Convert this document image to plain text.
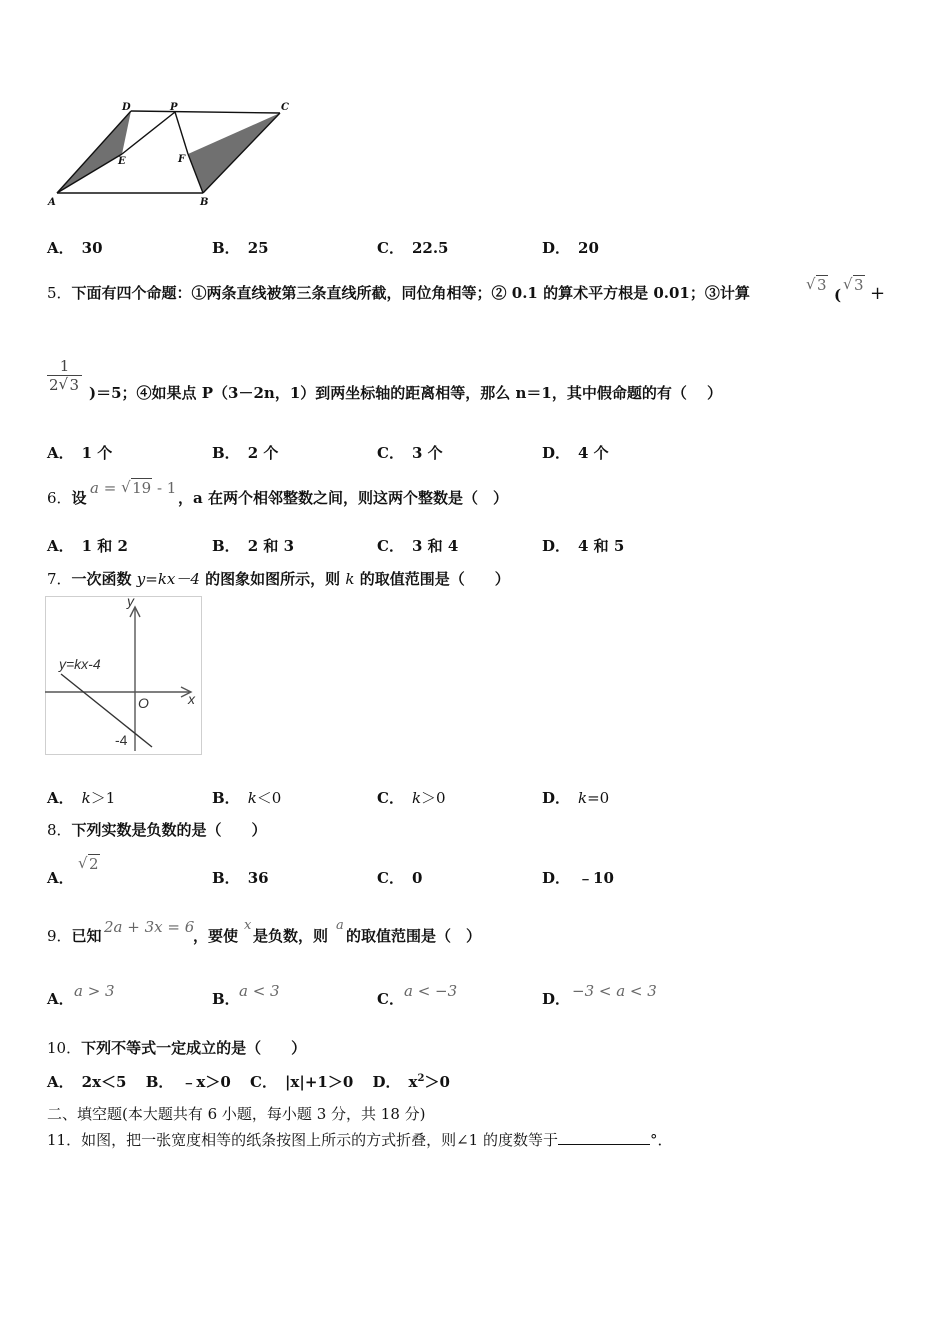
A	B
C
D	P
E	F
A． 30	B． 25	C． 22.5	D． 20
5．下面有四个命题：①两条直线被第三条直线所截，同位角相等；② 0.1 的算术平方根是 0.01；③计算	√ 3
(
√ 3 +
$\frac{1}{2 √ 3} )=5$；④如果点 P（3－2n，1）到两坐标轴的距离相等，那么 n＝1，其中假命题的有（　 ）
A． 1 个	B． 2 个	C． 3 个	D． 4 个
6．设
a = √ 19 - 1
，a 在两个相邻整数之间，则这两个整数是（　）
A． 1 和 2	B． 2 和 3	C． 3 和 4	D． 4 和 5
7．一次函数 y=kx－4 的图象如图所示，则 k 的取值范围是（　　）
y
x
O
y=kx-4
-4
A． k＞1	B． k＜0	C． k＞0	D． k=0
8．下列实数是负数的是（　　）
A．
√ 2
B． 36	C． 0	D． ﹣10
9．已知 2a + 3x = 6
，要使
x
是负数，则
a
的取值范围是（　）
A． a > 3	B． a < 3	C． a < −3	D． −3 < a < 3
10．下列不等式一定成立的是（　　）
A． 2x＜5 B． ﹣x＞0 C． |x|+1＞0 D． $x^2>0$
二、填空题(本大题共有 6 小题，每小题 3 分，共 18 分)
11．如图，把一张宽度相等的纸条按图上所示的方式折叠，则∠1 的度数等于	°．
